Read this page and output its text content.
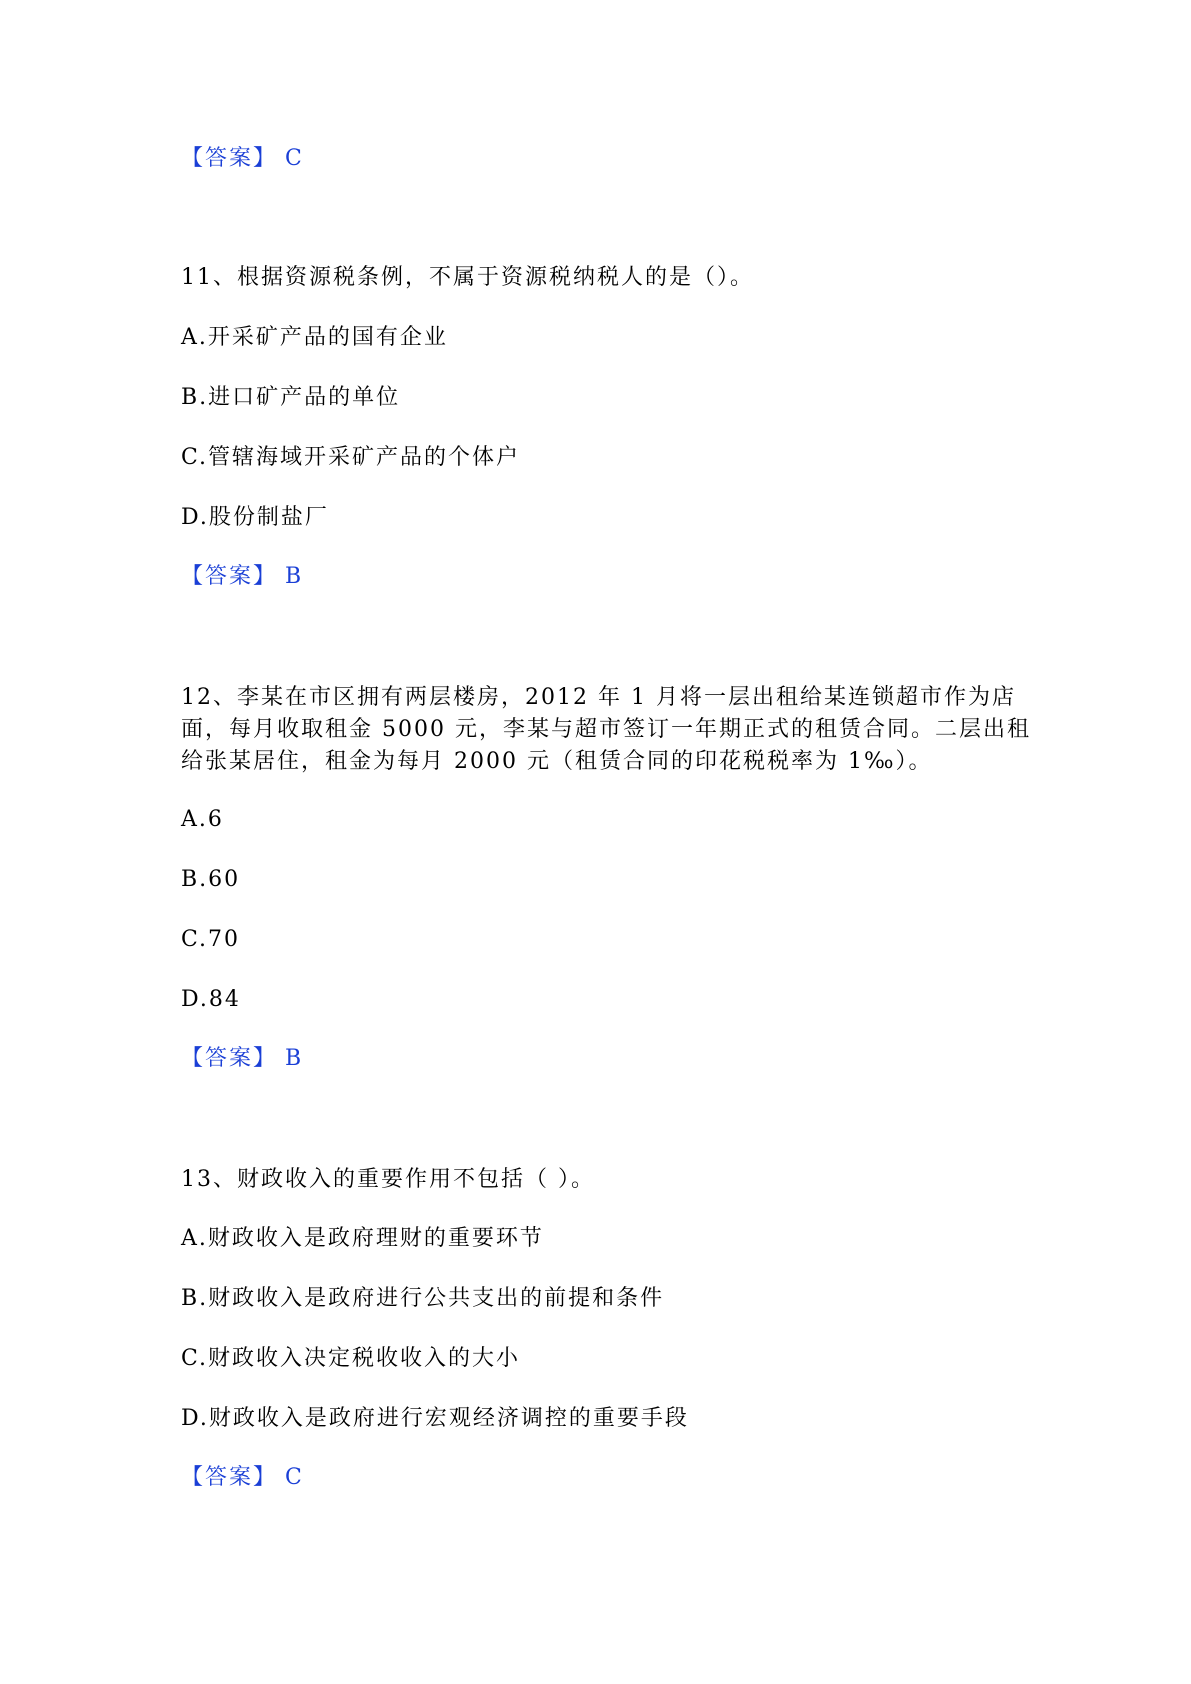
【答案】 C
11、根据资源税条例，不属于资源税纳税人的是（）。
A.开采矿产品的国有企业
B.进口矿产品的单位
C.管辖海域开采矿产品的个体户
D.股份制盐厂
【答案】 B
12、李某在市区拥有两层楼房，2012 年 1 月将一层出租给某连锁超市作为店
面，每月收取租金 5000 元，李某与超市签订一年期正式的租赁合同。二层出租
给张某居住，租金为每月 2000 元（租赁合同的印花税税率为 1‰）。
A.6
B.60
C.70
D.84
【答案】 B
13、财政收入的重要作用不包括（ ）。
A.财政收入是政府理财的重要环节
B.财政收入是政府进行公共支出的前提和条件
C.财政收入决定税收收入的大小
D.财政收入是政府进行宏观经济调控的重要手段
【答案】 C
